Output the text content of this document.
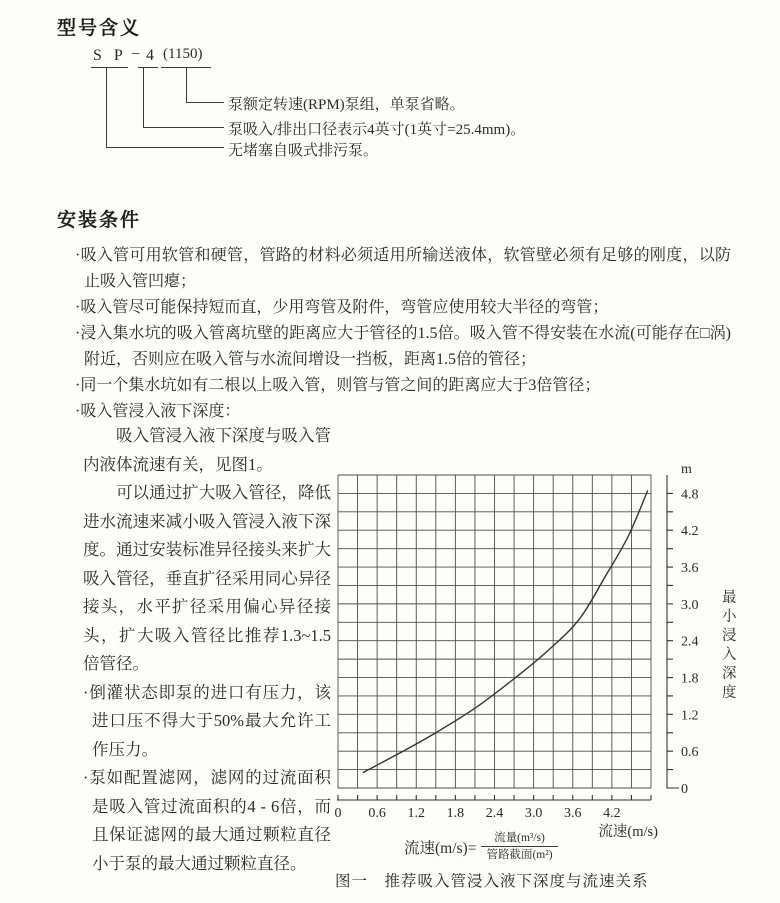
型号含义
S P − 4 (1150)
泵额定转速(RPM)泵组，单泵省略。
泵吸入/排出口径表示4英寸(1英寸=25.4mm)。
无堵塞自吸式排污泵。
安装条件
·吸入管可用软管和硬管，管路的材料必须适用所输送液体，软管壁必须有足够的刚度，以防止吸入管凹瘪；
·吸入管尽可能保持短而直，少用弯管及附件，弯管应使用较大半径的弯管；
·浸入集水坑的吸入管离坑壁的距离应大于管径的1.5倍。吸入管不得安装在水流(可能存在□涡) 附近，否则应在吸入管与水流间增设一挡板，距离1.5倍的管径；
·同一个集水坑如有二根以上吸入管，则管与管之间的距离应大于3倍管径；
·吸入管浸入液下深度：
吸入管浸入液下深度与吸入管内液体流速有关，见图1。
可以通过扩大吸入管径，降低进水流速来减小吸入管浸入液下深度。通过安装标准异径接头来扩大吸入管径，垂直扩径采用同心异径接头，水平扩径采用偏心异径接头，扩大吸入管径比推荐1.3~1.5倍管径。
·倒灌状态即泵的进口有压力，该进口压不得大于50%最大允许工作压力。
·泵如配置滤网，滤网的过流面积是吸入管过流面积的4 - 6倍，而且保证滤网的最大通过颗粒直径小于泵的最大通过颗粒直径。
0 0.6 1.2 1.8 2.4 3.0 3.6 4.2
0
0.6
1.2
1.8
2.4
3.0
3.6
4.2
4.8
m
流速(m/s)
最
小
浸
入
深
度
流速$(m/s)= \frac{\text{流量(m³/s)}}{\text{管路截面(m²)}}$
图一　推荐吸入管浸入液下深度与流速关系
